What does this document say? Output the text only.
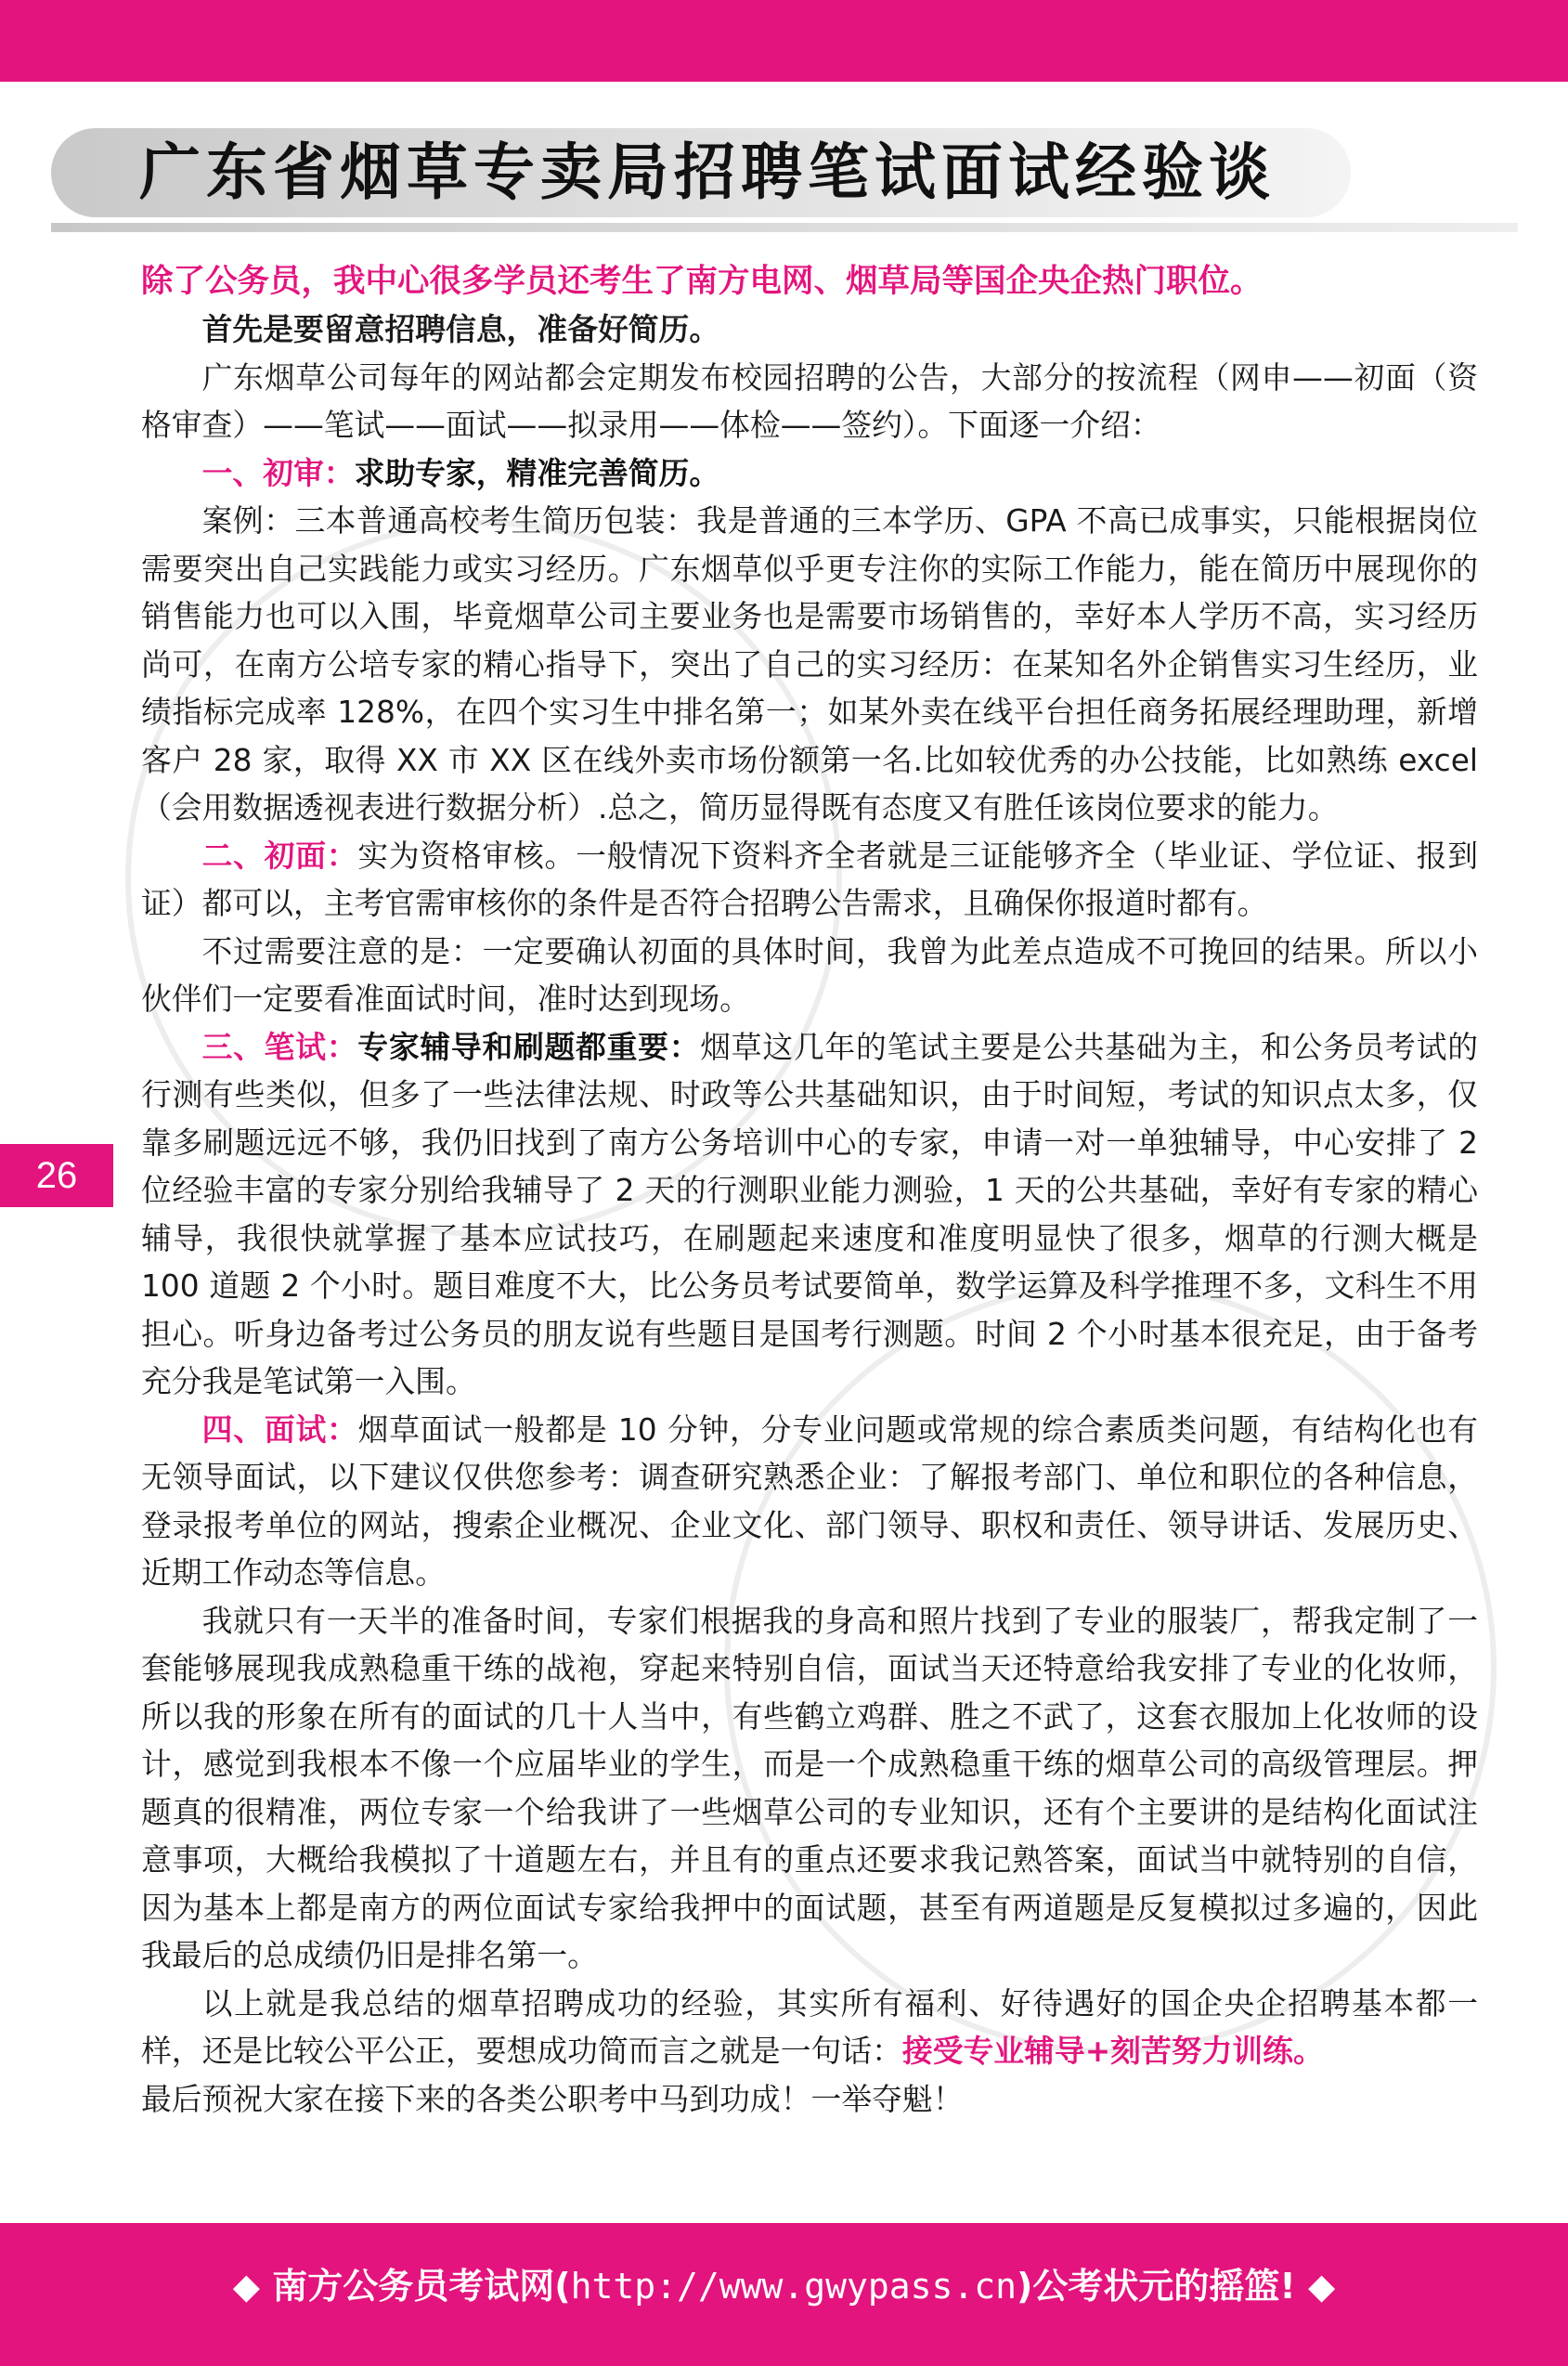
广东省烟草专卖局招聘笔试面试经验谈
26
除了公务员，我中心很多学员还考生了南方电网、烟草局等国企央企热门职位。

首先是要留意招聘信息，准备好简历。

广东烟草公司每年的网站都会定期发布校园招聘的公告，大部分的按流程（网申——初面（资格审查）——笔试——面试——拟录用——体检——签约）。下面逐一介绍：

一、初审：求助专家，精准完善简历。

案例：三本普通高校考生简历包装：我是普通的三本学历、GPA 不高已成事实，只能根据岗位需要突出自己实践能力或实习经历。广东烟草似乎更专注你的实际工作能力，能在简历中展现你的销售能力也可以入围，毕竟烟草公司主要业务也是需要市场销售的，幸好本人学历不高，实习经历尚可，在南方公培专家的精心指导下，突出了自己的实习经历：在某知名外企销售实习生经历，业绩指标完成率 128%，在四个实习生中排名第一；如某外卖在线平台担任商务拓展经理助理，新增客户 28 家，取得 XX 市 XX 区在线外卖市场份额第一名.比如较优秀的办公技能，比如熟练 excel（会用数据透视表进行数据分析）.总之，简历显得既有态度又有胜任该岗位要求的能力。

二、初面：实为资格审核。一般情况下资料齐全者就是三证能够齐全（毕业证、学位证、报到证）都可以，主考官需审核你的条件是否符合招聘公告需求，且确保你报道时都有。

不过需要注意的是：一定要确认初面的具体时间，我曾为此差点造成不可挽回的结果。所以小伙伴们一定要看准面试时间，准时达到现场。

三、笔试：专家辅导和刷题都重要：烟草这几年的笔试主要是公共基础为主，和公务员考试的行测有些类似，但多了一些法律法规、时政等公共基础知识，由于时间短，考试的知识点太多，仅靠多刷题远远不够，我仍旧找到了南方公务培训中心的专家，申请一对一单独辅导，中心安排了 2 位经验丰富的专家分别给我辅导了 2 天的行测职业能力测验，1 天的公共基础，幸好有专家的精心辅导，我很快就掌握了基本应试技巧，在刷题起来速度和准度明显快了很多，烟草的行测大概是 100 道题 2 个小时。题目难度不大，比公务员考试要简单，数学运算及科学推理不多，文科生不用担心。听身边备考过公务员的朋友说有些题目是国考行测题。时间 2 个小时基本很充足，由于备考充分我是笔试第一入围。

四、面试：烟草面试一般都是 10 分钟，分专业问题或常规的综合素质类问题，有结构化也有无领导面试，以下建议仅供您参考：调查研究熟悉企业：了解报考部门、单位和职位的各种信息，登录报考单位的网站，搜索企业概况、企业文化、部门领导、职权和责任、领导讲话、发展历史、近期工作动态等信息。

我就只有一天半的准备时间，专家们根据我的身高和照片找到了专业的服装厂，帮我定制了一套能够展现我成熟稳重干练的战袍，穿起来特别自信，面试当天还特意给我安排了专业的化妆师，所以我的形象在所有的面试的几十人当中，有些鹤立鸡群、胜之不武了，这套衣服加上化妆师的设计，感觉到我根本不像一个应届毕业的学生，而是一个成熟稳重干练的烟草公司的高级管理层。押题真的很精准，两位专家一个给我讲了一些烟草公司的专业知识，还有个主要讲的是结构化面试注意事项，大概给我模拟了十道题左右，并且有的重点还要求我记熟答案，面试当中就特别的自信，因为基本上都是南方的两位面试专家给我押中的面试题，甚至有两道题是反复模拟过多遍的，因此我最后的总成绩仍旧是排名第一。

以上就是我总结的烟草招聘成功的经验，其实所有福利、好待遇好的国企央企招聘基本都一样，还是比较公平公正，要想成功简而言之就是一句话：接受专业辅导+刻苦努力训练。

最后预祝大家在接下来的各类公职考中马到功成！一举夺魁！

◆ 南方公务员考试网(http://www.gwypass.cn)公考状元的摇篮! ◆
